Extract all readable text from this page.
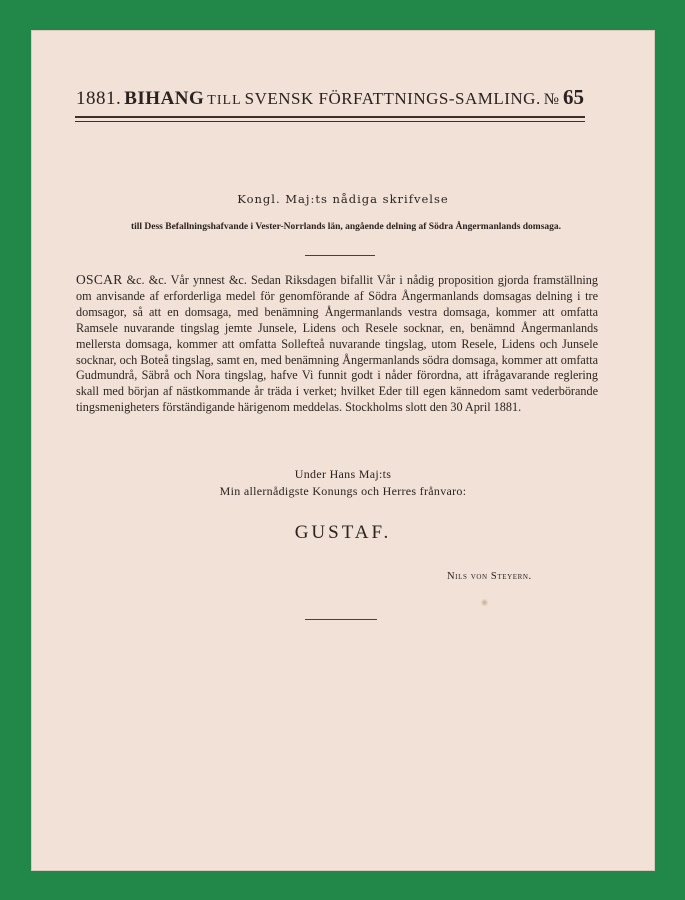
1881. BIHANG TILL SVENSK FÖRFATTNINGS-SAMLING. № 65
Kongl. Maj:ts nådiga skrifvelse
till Dess Befallningshafvande i Vester-Norrlands län, angående delning af Södra Ångermanlands domsaga.
OSCAR &c. &c. Vår ynnest &c. Sedan Riksdagen bifallit Vår i nådig proposition gjorda framställning om anvisande af erforderliga medel för genomförande af Södra Ångermanlands domsagas delning i tre domsagor, så att en domsaga, med benämning Ångermanlands vestra domsaga, kommer att omfatta Ramsele nuvarande tingslag jemte Junsele, Lidens och Resele socknar, en, benämnd Ångermanlands mellersta domsaga, kommer att omfatta Sollefteå nuvarande tingslag, utom Resele, Lidens och Junsele socknar, och Boteå tingslag, samt en, med benämning Ångermanlands södra domsaga, kommer att omfatta Gudmundrå, Säbrå och Nora tingslag, hafve Vi funnit godt i nåder förordna, att ifrågavarande reglering skall med början af nästkommande år träda i verket; hvilket Eder till egen kännedom samt vederbörande tingsmenigheters förständigande härigenom meddelas. Stockholms slott den 30 April 1881.
Under Hans Maj:ts
Min allernådigste Konungs och Herres frånvaro:
GUSTAF.
Nils von Steyern.
